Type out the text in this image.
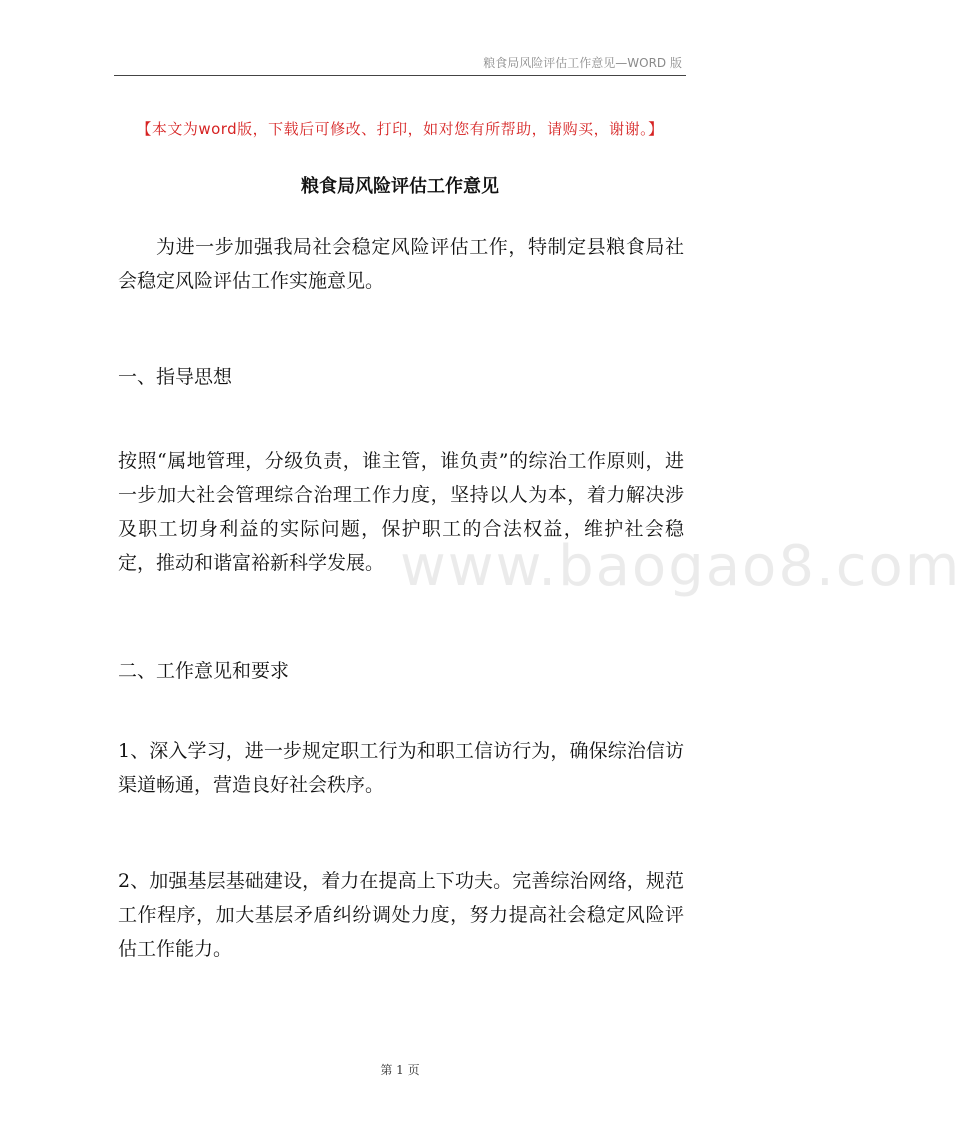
粮食局风险评估工作意见—WORD 版
【本文为word版，下载后可修改、打印，如对您有所帮助，请购买，谢谢。】
粮食局风险评估工作意见
为进一步加强我局社会稳定风险评估工作，特制定县粮食局社会稳定风险评估工作实施意见。
一、指导思想
按照“属地管理，分级负责，谁主管，谁负责”的综治工作原则，进一步加大社会管理综合治理工作力度，坚持以人为本，着力解决涉及职工切身利益的实际问题，保护职工的合法权益，维护社会稳定，推动和谐富裕新科学发展。
二、工作意见和要求
1、深入学习，进一步规定职工行为和职工信访行为，确保综治信访渠道畅通，营造良好社会秩序。
2、加强基层基础建设，着力在提高上下功夫。完善综治网络，规范工作程序，加大基层矛盾纠纷调处力度，努力提高社会稳定风险评估工作能力。
www.baogao8.com
第 1 页
